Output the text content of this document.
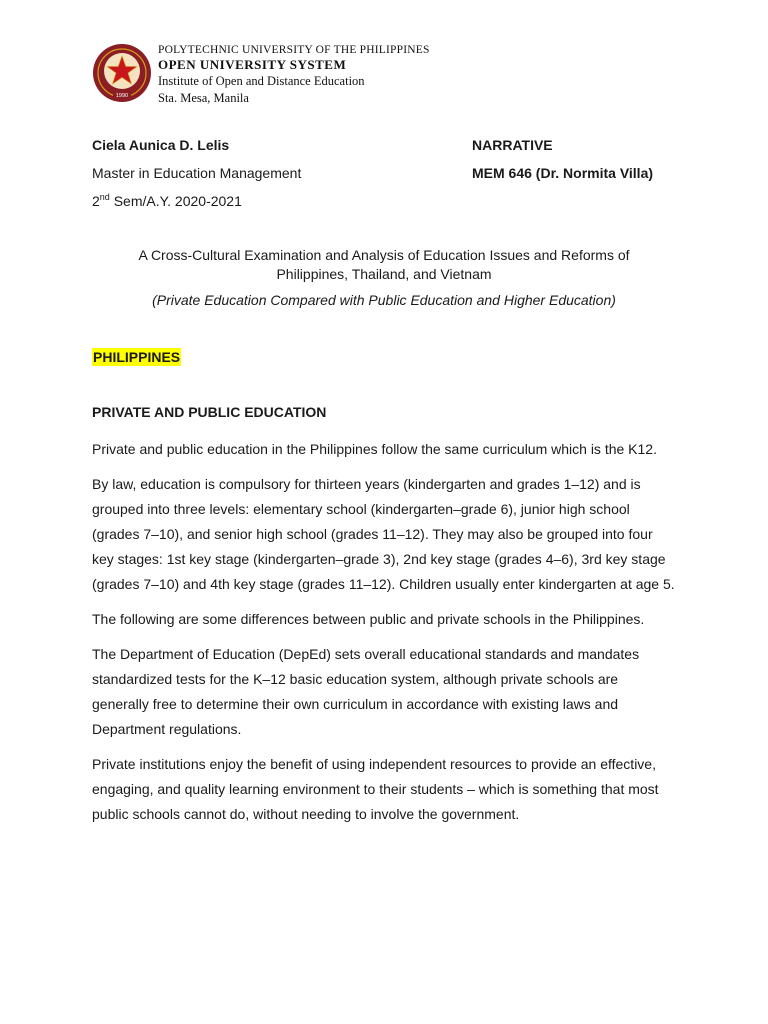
1990
POLYTECHNIC UNIVERSITY OF THE PHILIPPINES
OPEN UNIVERSITY SYSTEM
Institute of Open and Distance Education
Sta. Mesa, Manila
Ciela Aunica D. Lelis
Master in Education Management
2nd Sem/A.Y. 2020-2021
NARRATIVE
MEM 646 (Dr. Normita Villa)
A Cross-Cultural Examination and Analysis of Education Issues and Reforms of
Philippines, Thailand, and Vietnam
(Private Education Compared with Public Education and Higher Education)
PHILIPPINES
PRIVATE AND PUBLIC EDUCATION

Private and public education in the Philippines follow the same curriculum which is the K12.

By law, education is compulsory for thirteen years (kindergarten and grades 1–12) and is grouped into three levels: elementary school (kindergarten–grade 6), junior high school (grades 7–10), and senior high school (grades 11–12). They may also be grouped into four key stages: 1st key stage (kindergarten–grade 3), 2nd key stage (grades 4–6), 3rd key stage (grades 7–10) and 4th key stage (grades 11–12). Children usually enter kindergarten at age 5.

The following are some differences between public and private schools in the Philippines.

The Department of Education (DepEd) sets overall educational standards and mandates standardized tests for the K–12 basic education system, although private schools are generally free to determine their own curriculum in accordance with existing laws and Department regulations.

Private institutions enjoy the benefit of using independent resources to provide an effective, engaging, and quality learning environment to their students – which is something that most public schools cannot do, without needing to involve the government.
